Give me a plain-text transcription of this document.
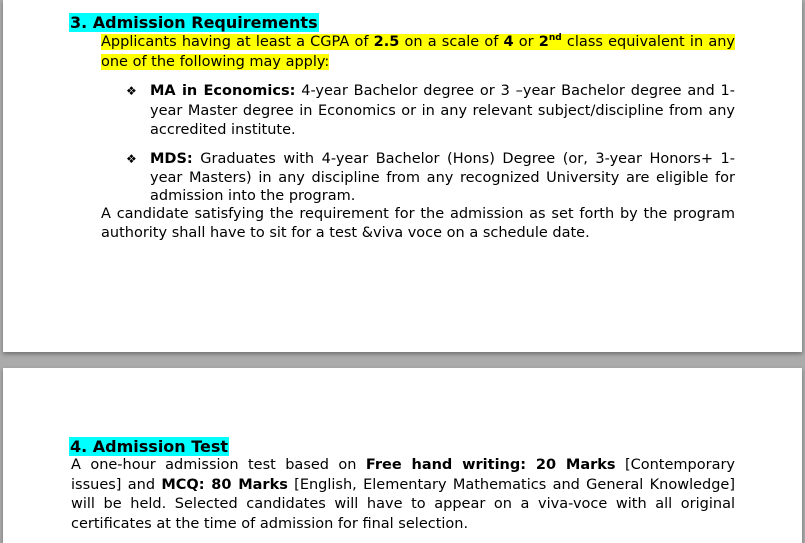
3. Admission Requirements
Applicants having at least a CGPA of 2.5 on a scale of 4 or 2nd class equivalent in any one of the following may apply:
❖ MA in Economics: 4-year Bachelor degree or 3 –year Bachelor degree and 1-year Master degree in Economics or in any relevant subject/discipline from any accredited institute.
❖ MDS: Graduates with 4-year Bachelor (Hons) Degree (or, 3-year Honors+ 1-year Masters) in any discipline from any recognized University are eligible for admission into the program.
A candidate satisfying the requirement for the admission as set forth by the program authority shall have to sit for a test &viva voce on a schedule date.
4. Admission Test
A one-hour admission test based on Free hand writing: 20 Marks [Contemporary issues] and MCQ: 80 Marks [English, Elementary Mathematics and General Knowledge] will be held. Selected candidates will have to appear on a viva-voce with all original certificates at the time of admission for final selection.
